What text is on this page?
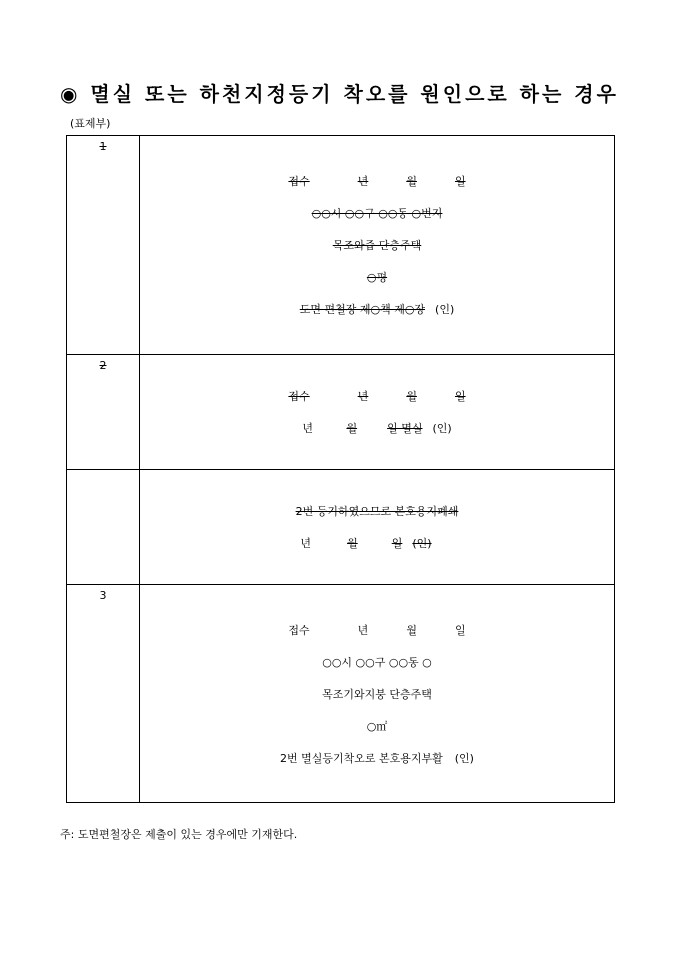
◉ 멸실 또는 하천지정등기 착오를 원인으로 하는 경우
(표제부)
1	접수 년 월 일
○○시 ○○구 ○○동 ○번지
목조와즙 단층주택
○평
도면 편철장 제○책 제○장 (인)

2	접수 년 월 일
년 월 일 멸실 (인)

	2번 등기하였으므로 본호용지폐쇄
년 월 일 (인)

3	접수 년 월 일
○○시 ○○구 ○○동 ○
목조기와지붕 단층주택
○㎡
2번 멸실등기착오로 본호용지부활 (인)
주: 도면편철장은 제출이 있는 경우에만 기재한다.
